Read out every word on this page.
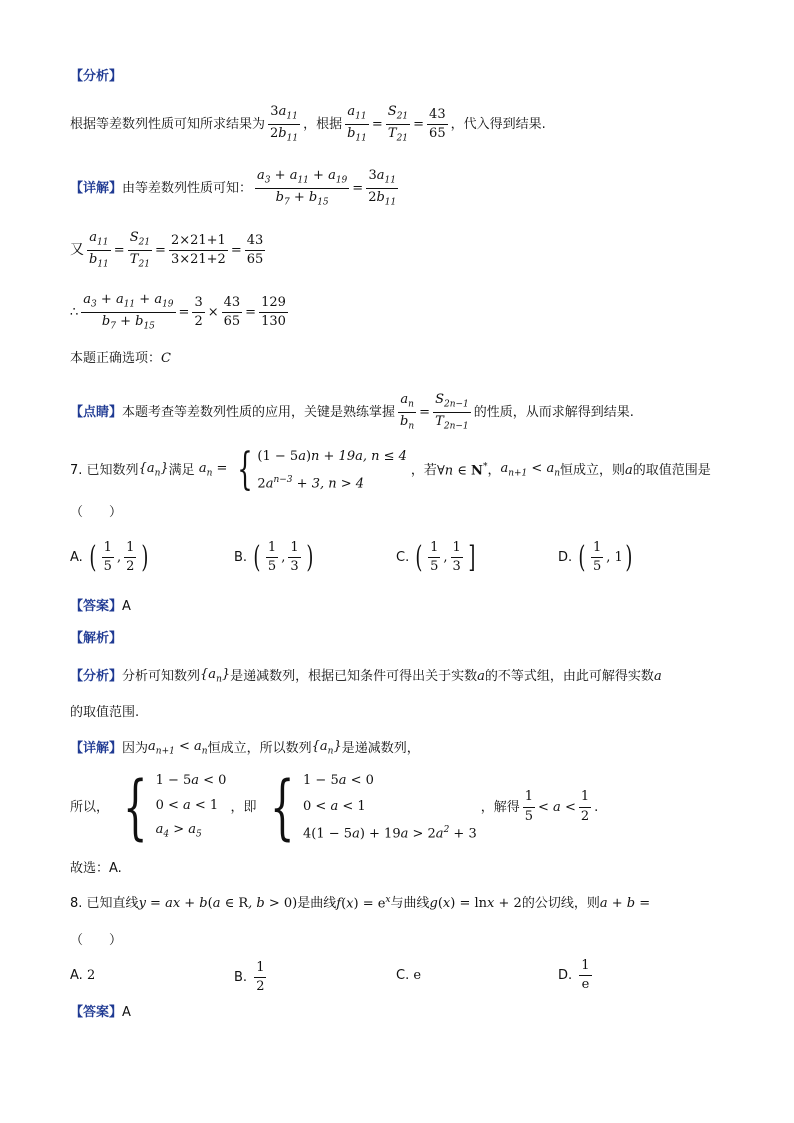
【分析】
根据等差数列性质可知所求结果为 $\frac{3a_{11}}{2b_{11}}$ ，根据 $\frac{a_{11}}{b_{11}} = \frac{S_{21}}{T_{21}} = \frac{43}{65}$ ，代入得到结果.
【详解】 由等差数列性质可知： $\frac{a_3 + a_{11} + a_{19}}{b_7 + b_{15}} = \frac{3a_{11}}{2b_{11}}$
又 $\frac{a_{11}}{b_{11}} = \frac{S_{21}}{T_{21}} = \frac{2\times 21+1}{3\times 21+2} = \frac{43}{65}$
∴ $\frac{a_3 + a_{11} + a_{19}}{b_7 + b_{15}} = \frac{3}{2} \times \frac{43}{65} = \frac{129}{130}$
本题正确选项： C
【点睛】 本题考查等差数列性质的应用，关键是熟练掌握 $\frac{a_n}{b_n} = \frac{S_{2n-1}}{T_{2n-1}}$ 的性质，从而求解得到结果.
7.
已知数列 $\{a_n\}$ 满足 $a_n$ = { (1 − 5a)n + 19a, n ≤ 4
$2a^{n-3} + 3$, n > 4
，若 ∀n ∈ N* ， $a_{n+1} < a_n$ 恒成立，则 a 的取值范围是
（　　）
A.
( $\frac{1}{5}$ , $\frac{1}{2}$ )	B.
( $\frac{1}{5}$ , $\frac{1}{3}$ )	C.
( $\frac{1}{5}$ , $\frac{1}{3}$ ]	D.
( $\frac{1}{5}$ , 1 )
【答案】 A
【解析】
【分析】 分析可知数列 $\{a_n\}$ 是递减数列，根据已知条件可得出关于实数 a 的不等式组，由此可解得实数 a
的取值范围.
【详解】 因为 $a_{n+1} < a_n$ 恒成立，所以数列 $\{a_n\}$ 是递减数列，
所以， { 1 − 5a < 0
0 < a < 1
$a_4 > a_5$
，即 { 1 − 5a < 0
0 < a < 1
$4(1 - 5a) + 19a > 2a^2 + 3$
，解得 $\frac{1}{5} < a < \frac{1}{2}$ .
故选：A.
8.
已知直线 y = ax + b(a ∈ R, b > 0) 是曲线 $f(x) = e^x$ 与曲线 g(x) = lnx + 2 的公切线，则 a + b =
（　　）
A.
2	B.
$\frac{1}{2}$	C.
e	D.
$\frac{1}{e}$
【答案】 A
